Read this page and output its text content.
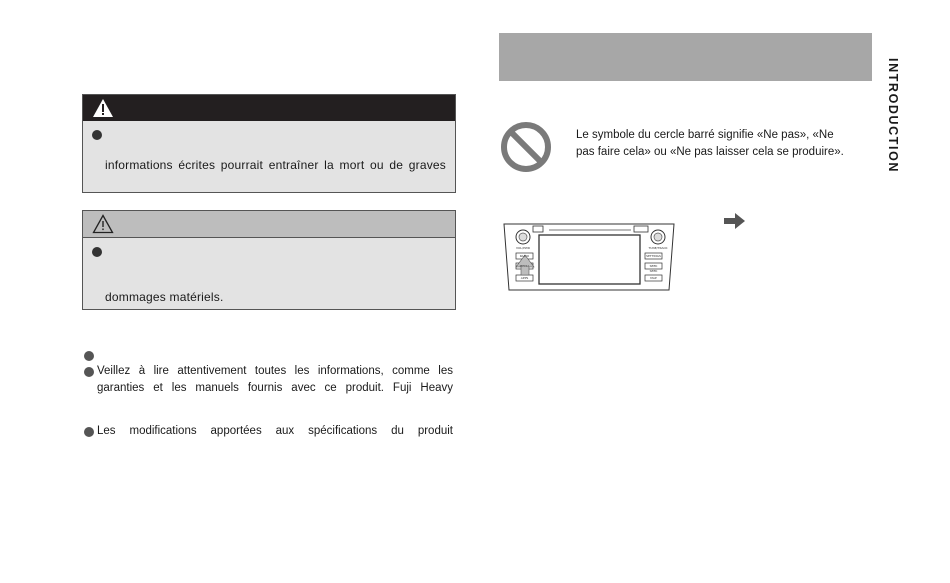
INTRODUCTION
informations écrites pourrait entraîner la mort ou de graves
dommages matériels.
Veillez à lire attentivement toutes les informations, comme les
garanties et les manuels fournis avec ce produit. Fuji Heavy
Les modifications apportées aux spécifications du produit
Le symbole du cercle barré signifie «Ne pas», «Ne
pas faire cela» ou «Ne pas laisser cela se produire».
VOL/PWR	TUNE/TRACK
RADIO
MEDIA
APPS
SETTINGS
SEEK
SEEK
MAP
